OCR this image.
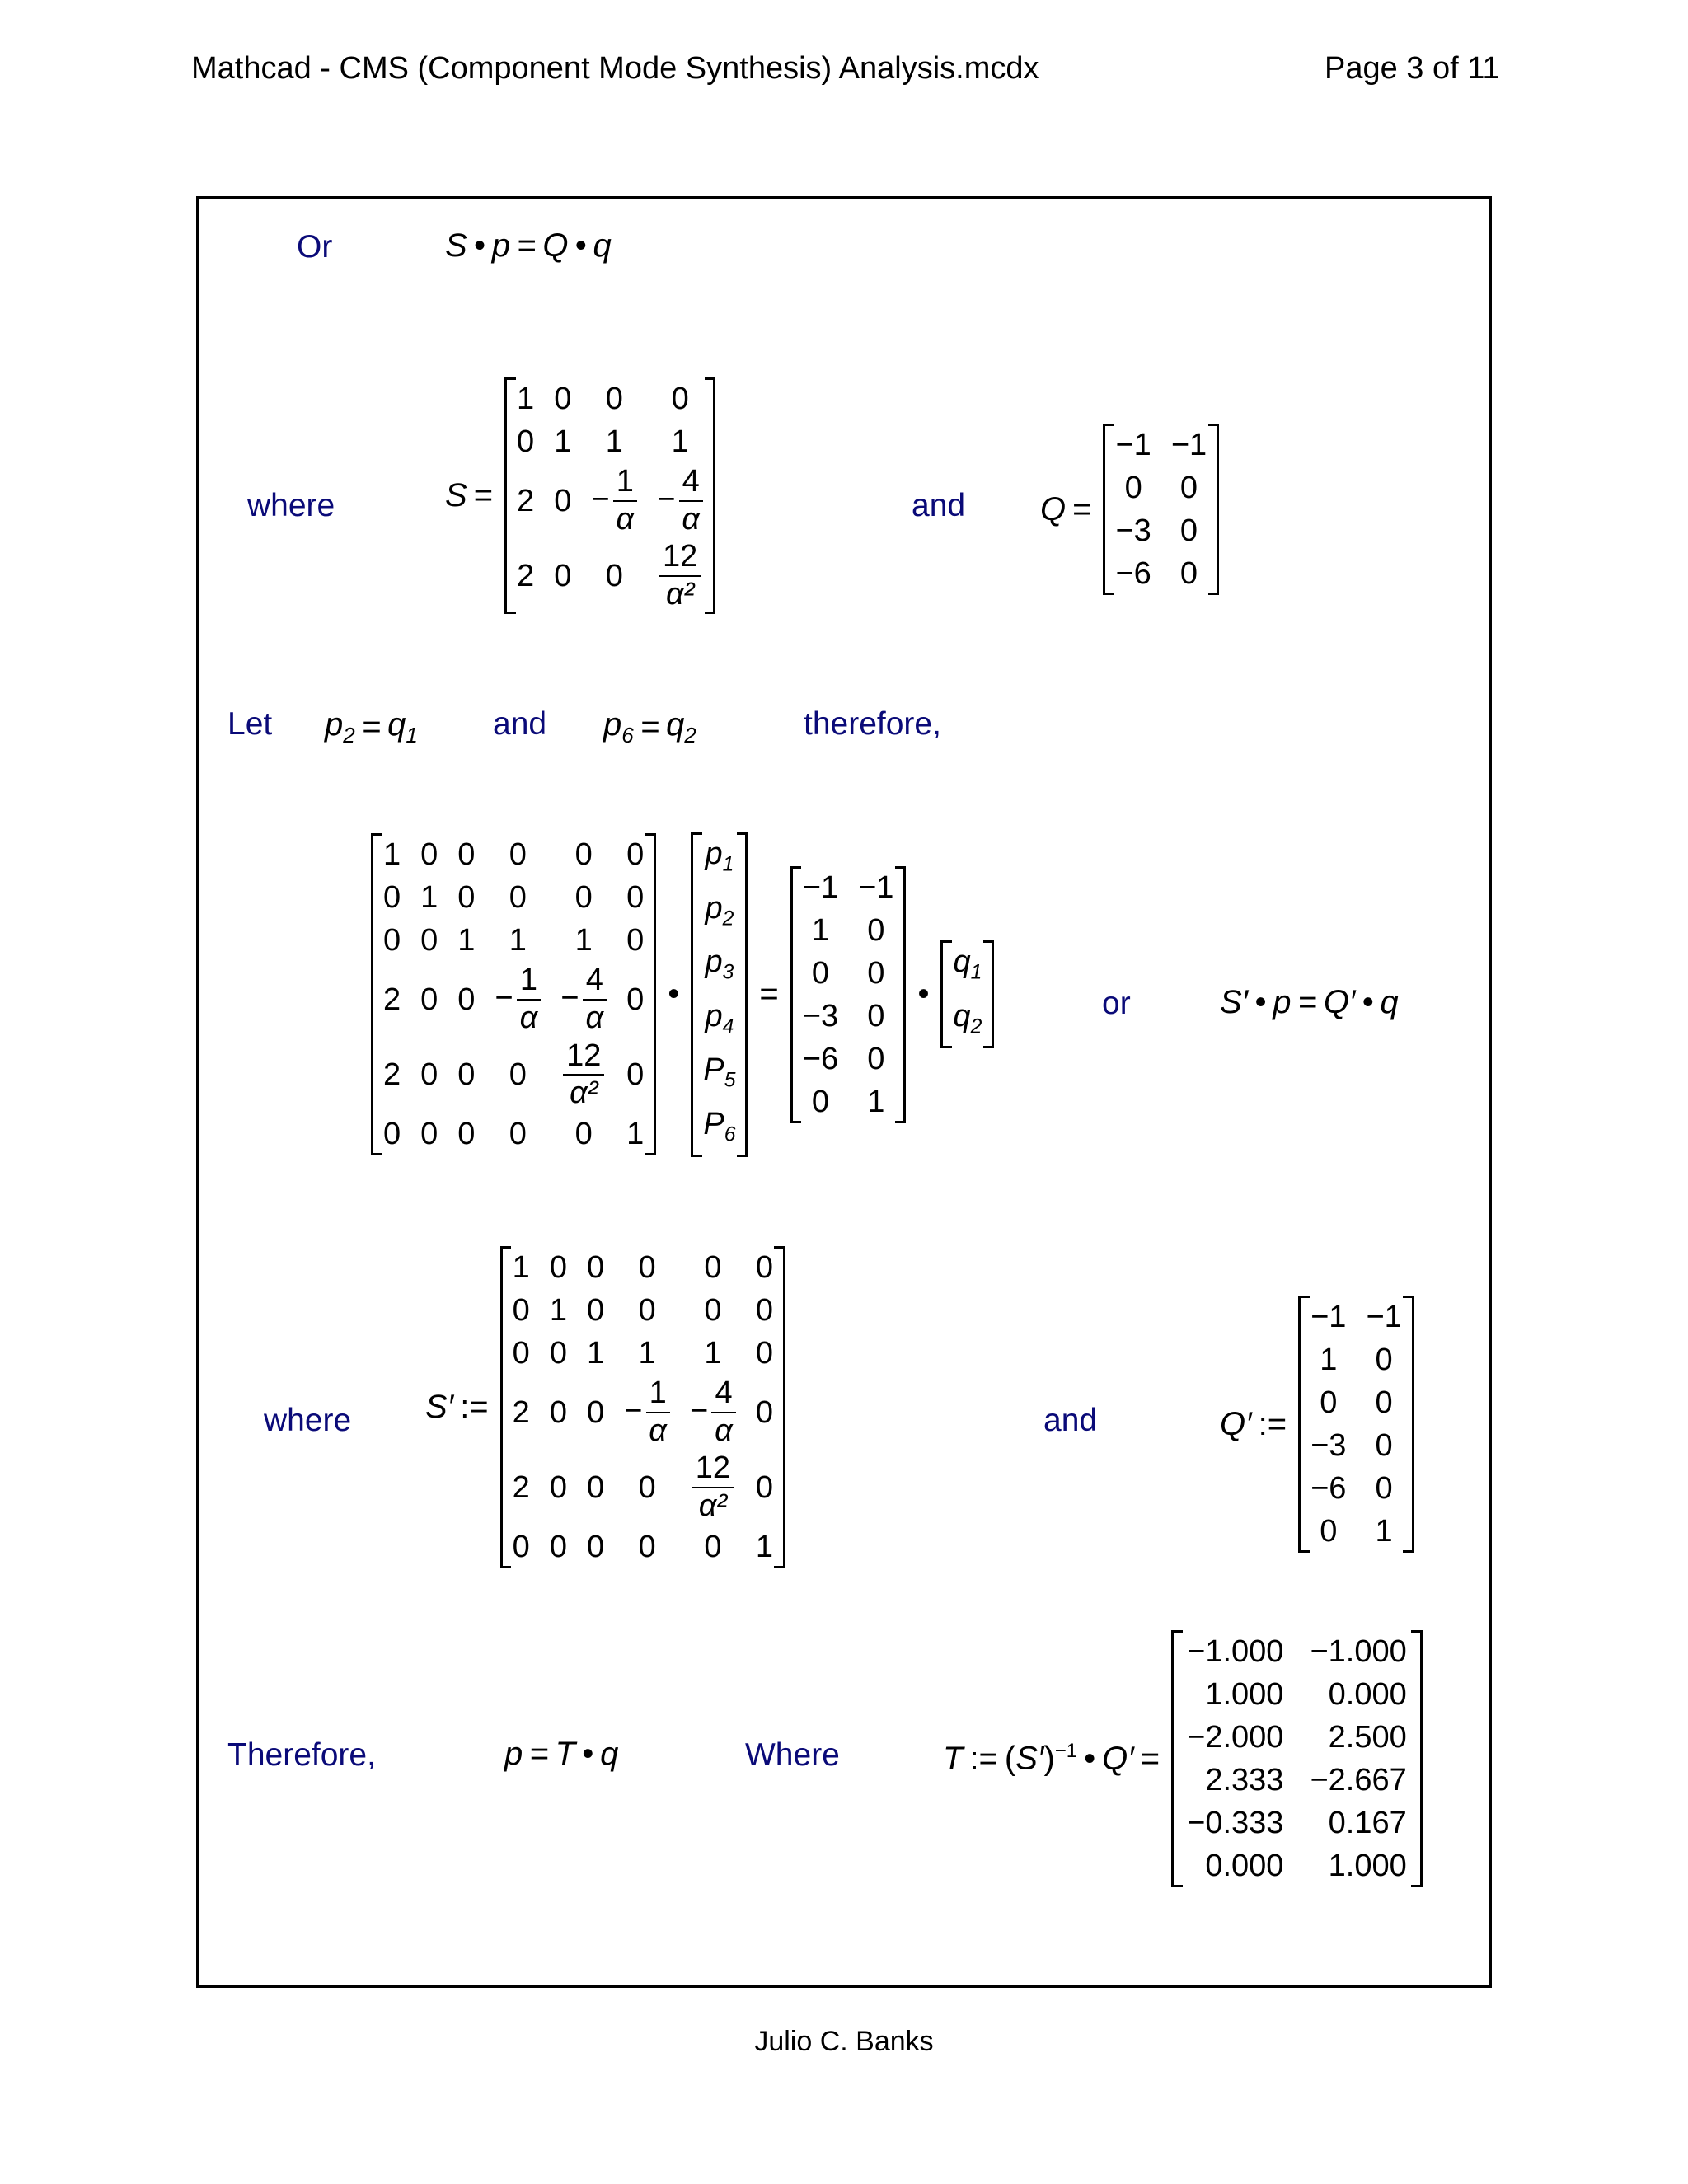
Mathcad - CMS (Component Mode Synthesis) Analysis.mcdx	Page 3 of 11
Or	S • p = Q • q
where	S =
1	0	0	0
0	1	1	1
2	0	− $\frac{1}{\alpha}$	− $\frac{4}{\alpha}$

2	0	0	$\frac{12}{\text{α²}}$

and Q =
−1	−1
0	0
−3	0
−6	0

Let $p_2 = q_1$ and $p_6 = q_2$	therefore,
1	0	0	0	0	0
0	1	0	0	0	0
0	0	1	1	1	0
2	0	0	− $\frac{1}{\alpha}$	− $\frac{4}{\alpha}$	0
2	0	0	0	$\frac{12}{\text{α²}}$	0
0	0	0	0	0	1

•
$p_1$
$p_2$
$p_3$
$p_4$
$P_5$
$P_6$

=
−1	−1
1	0
0	0
−3	0
−6	0
0	1

•
$q_1$
$q_2$

or	S′ • p = Q′ • q
where S′ :=
1	0	0	0	0	0
0	1	0	0	0	0
0	0	1	1	1	0
2	0	0	− $\frac{1}{\alpha}$	− $\frac{4}{\alpha}$	0
2	0	0	0	$\frac{12}{\text{α²}}$	0
0	0	0	0	0	1

and	Q′ :=
−1	−1
1	0
0	0
−3	0
−6	0
0	1

Therefore,	p = T • q	Where	T := $(S')^{-1}$ • Q′ =
−1.000	−1.000
1.000	0.000
−2.000	2.500
2.333	−2.667
−0.333	0.167
0.000	1.000

Julio C. Banks
